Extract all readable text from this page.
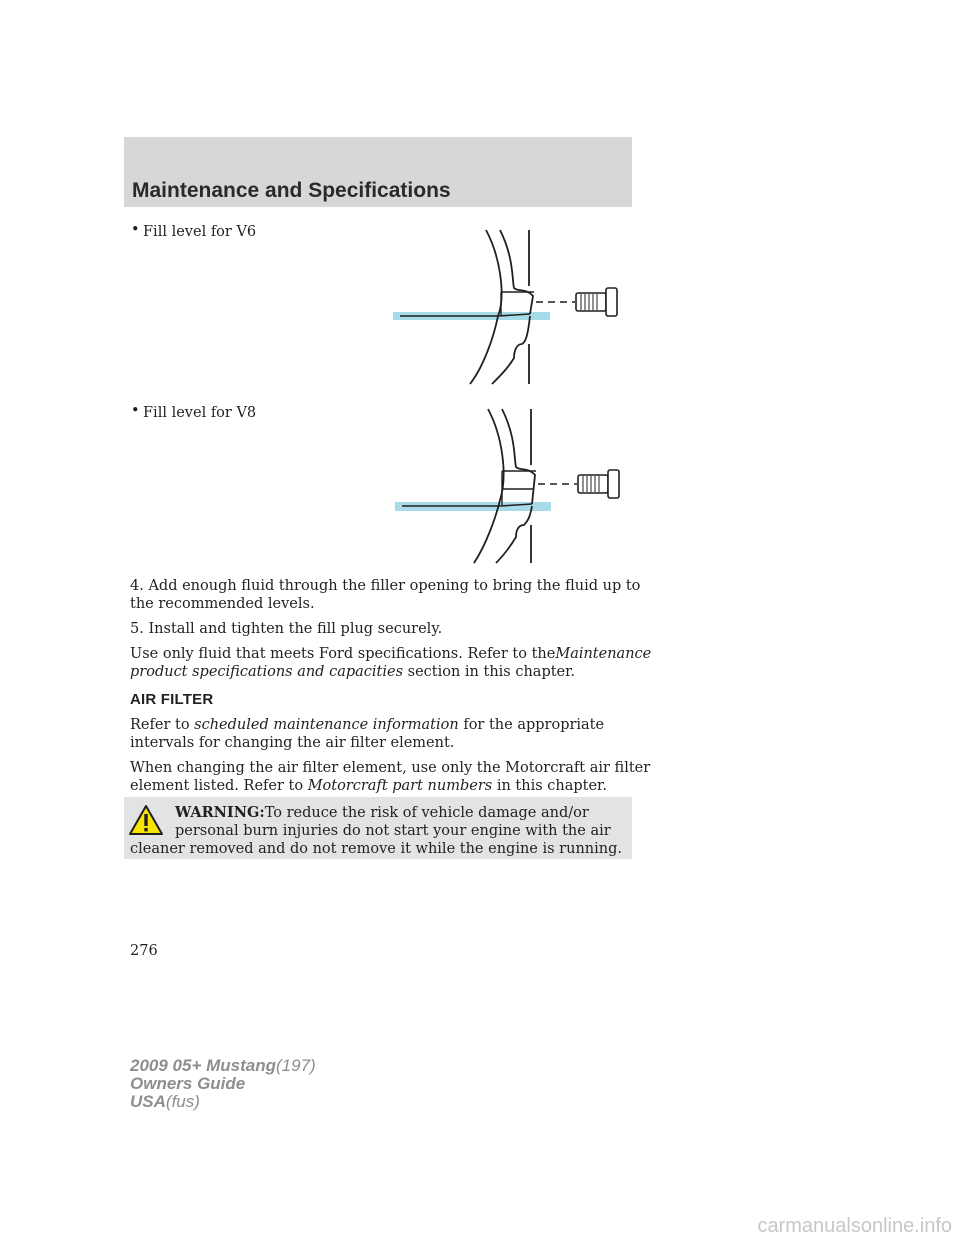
Maintenance and Specifications
• Fill level for V6
• Fill level for V8
4. Add enough fluid through the filler opening to bring the fluid up to
the recommended levels.
5. Install and tighten the fill plug securely.
Use only fluid that meets Ford specifications. Refer to theMaintenance
product specifications and capacities section in this chapter.
AIR FILTER
Refer to scheduled maintenance information for the appropriate
intervals for changing the air filter element.
When changing the air filter element, use only the Motorcraft air filter
element listed. Refer to Motorcraft part numbers in this chapter.
WARNING:To reduce the risk of vehicle damage and/or
personal burn injuries do not start your engine with the air
cleaner removed and do not remove it while the engine is running.
276
2009 05+ Mustang(197)
Owners Guide
USA(fus)
carmanualsonline.info
